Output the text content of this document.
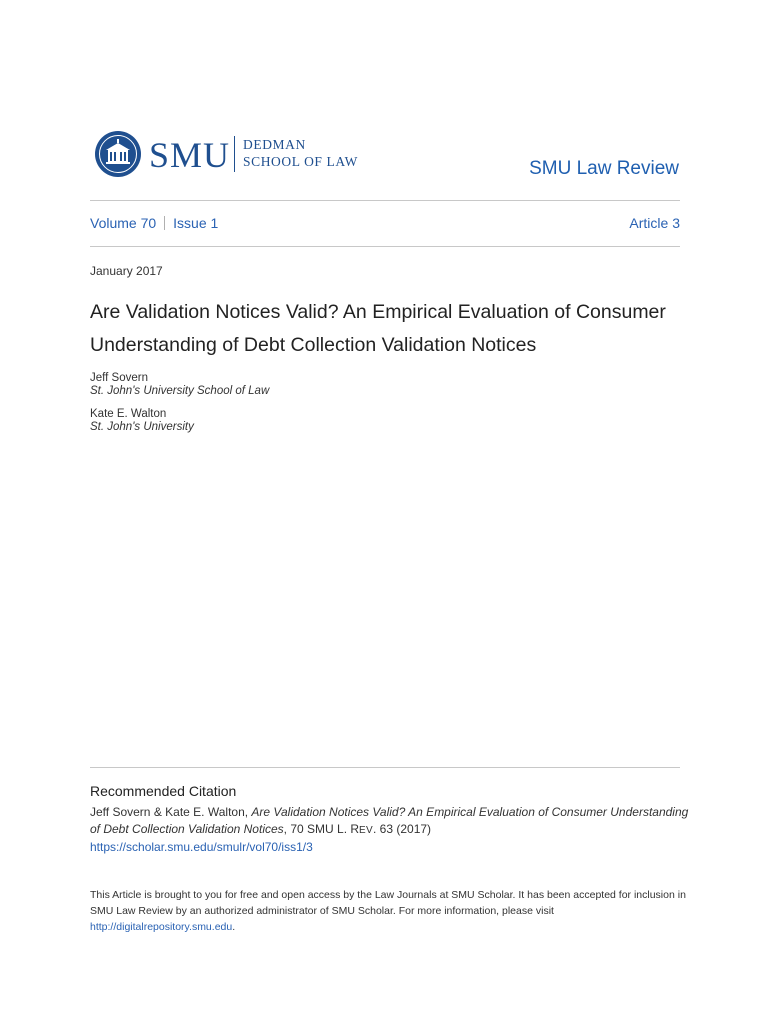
SMU DEDMAN
SCHOOL OF LAW	SMU Law Review
Volume 70 Issue 1	Article 3
January 2017
Are Validation Notices Valid? An Empirical Evaluation of Consumer Understanding of Debt Collection Validation Notices
Jeff Sovern
St. John's University School of Law
Kate E. Walton
St. John's University
Recommended Citation
Jeff Sovern & Kate E. Walton, Are Validation Notices Valid? An Empirical Evaluation of Consumer Understanding of Debt Collection Validation Notices, 70 SMU L. REV. 63 (2017)
https://scholar.smu.edu/smulr/vol70/iss1/3
This Article is brought to you for free and open access by the Law Journals at SMU Scholar. It has been accepted for inclusion in SMU Law Review by an authorized administrator of SMU Scholar. For more information, please visit http://digitalrepository.smu.edu.
